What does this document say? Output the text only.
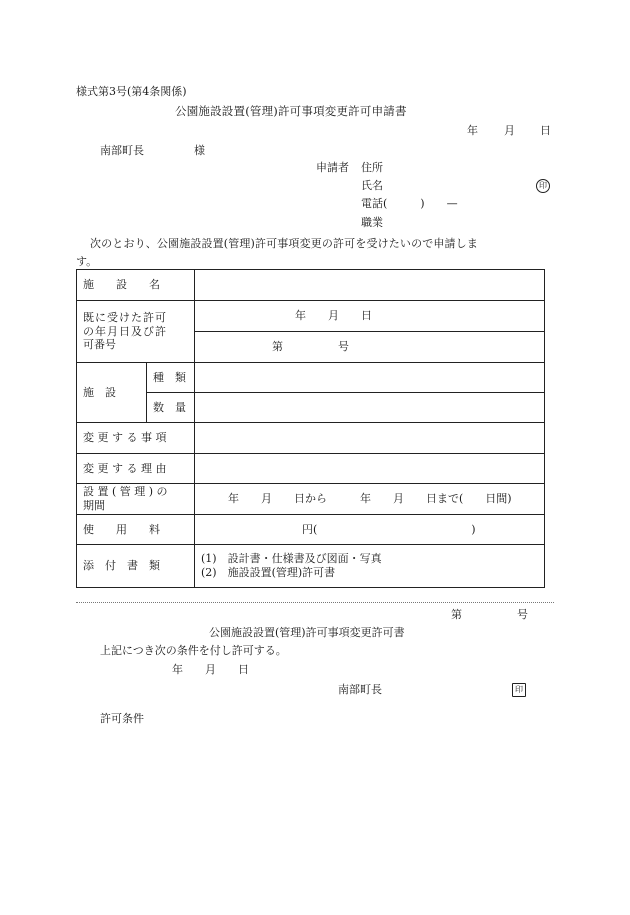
様式第3号(第4条関係)
公園施設設置(管理)許可事項変更許可申請書
年 月 日
南部町長	様
申請者 住所
氏名	印
電話(　　　)　　—
職業
次のとおり、公園施設設置(管理)許可事項変更の許可を受けたいので申請しま
す。
施　　設　　名		

既に受けた許可
の年月日及び許
可番号		年　　月　　日
		第　　　　　号
施　設	種　類	
	数　量	
変 更 す る 事 項		
変 更 す る 理 由		

設 置 ( 管 理 ) の
期間		年　　月　　日から　　　年　　月　　日まで(　　日間)
使　　用　　料		円(　　　　　　　　　　　　　　)
添　付　書　類		(1)　設計書・仕様書及び図面・写真
(2)　施設設置(管理)許可書
第　　　　　号
公園施設設置(管理)許可事項変更許可書
上記につき次の条件を付し許可する。
年　　月　　日
南部町長	印
許可条件
